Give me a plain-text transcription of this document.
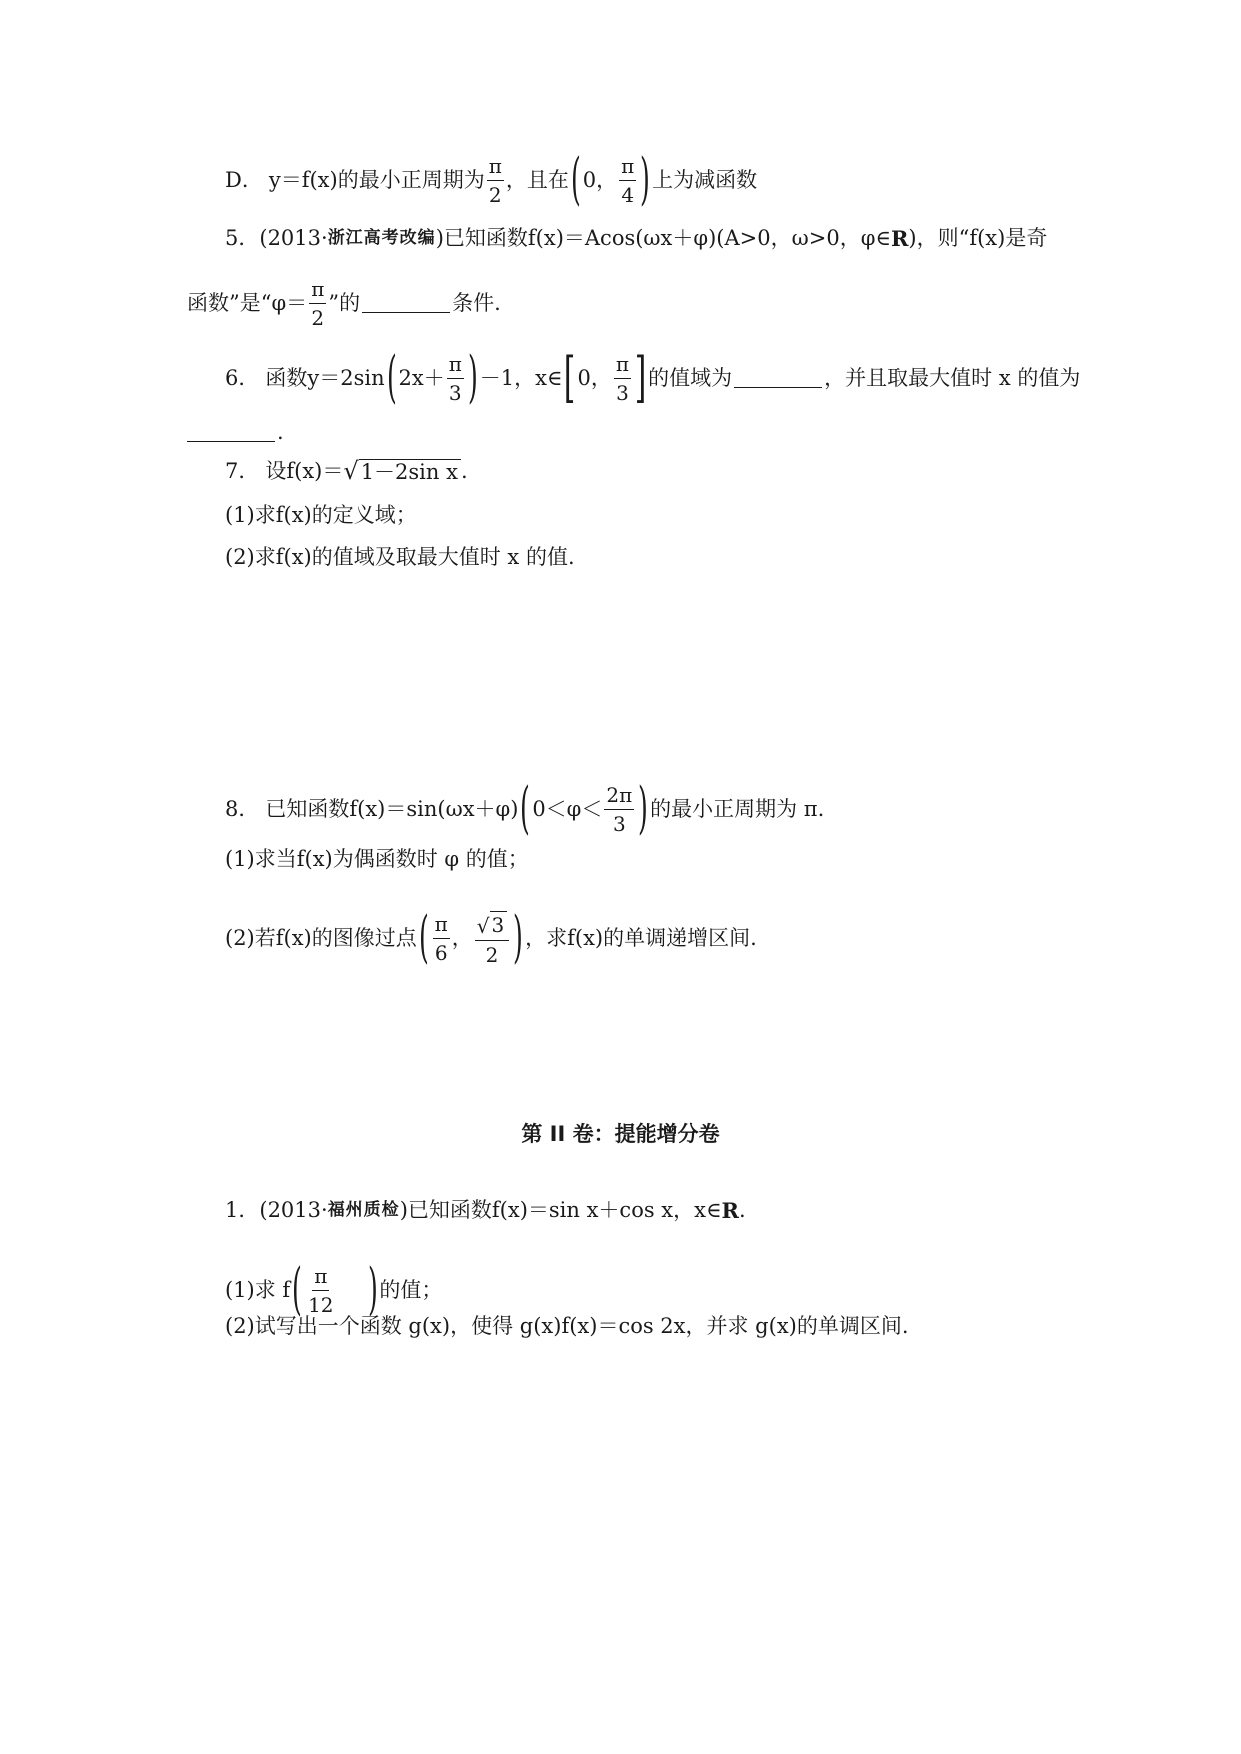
D． y＝f(x)的最小正周期为 $\frac{\pi}{2}$ ，且在 ( 0， $\frac{\pi}{4}$ ) 上为减函数
5． (2013· 浙江高考改编 ) 已知函数f(x)＝Acos(ωx＋φ)(A>0，ω>0，φ∈ R )，则“f(x)是奇
函数”是“$\varphi= \frac{\pi}{2}$ ”的	条件.
6． 函数y＝2sin ( $2x+ \frac{\pi}{3}$ ) －1，x∈ [ 0， $\frac{\pi}{3}$ ] 的值域为	，并且取最大值时 x 的值为
.
7． 设f(x)＝ √ 1－2sin x .
(1)求f(x)的定义域；
(2)求f(x)的值域及取最大值时 x 的值.
8． 已知函数f(x)＝sin(ωx＋φ) ( $0<\varphi< \frac{2\pi}{3}$ ) 的最小正周期为 π.
(1)求当f(x)为偶函数时 φ 的值；
(2)若f(x)的图像过点 ( $\frac{\pi}{6}$ ， $\frac{√ 3}{2}$ ) ，求f(x)的单调递增区间.
第 II 卷：提能增分卷
1． (2013· 福州质检 ) 已知函数f(x)＝sin x＋cos x，x∈ R .
(1)求 f ( $\frac{\pi}{12}$ ) 的值；
(2)试写出一个函数 g(x)，使得 g(x)f(x)＝cos 2x，并求 g(x)的单调区间.
